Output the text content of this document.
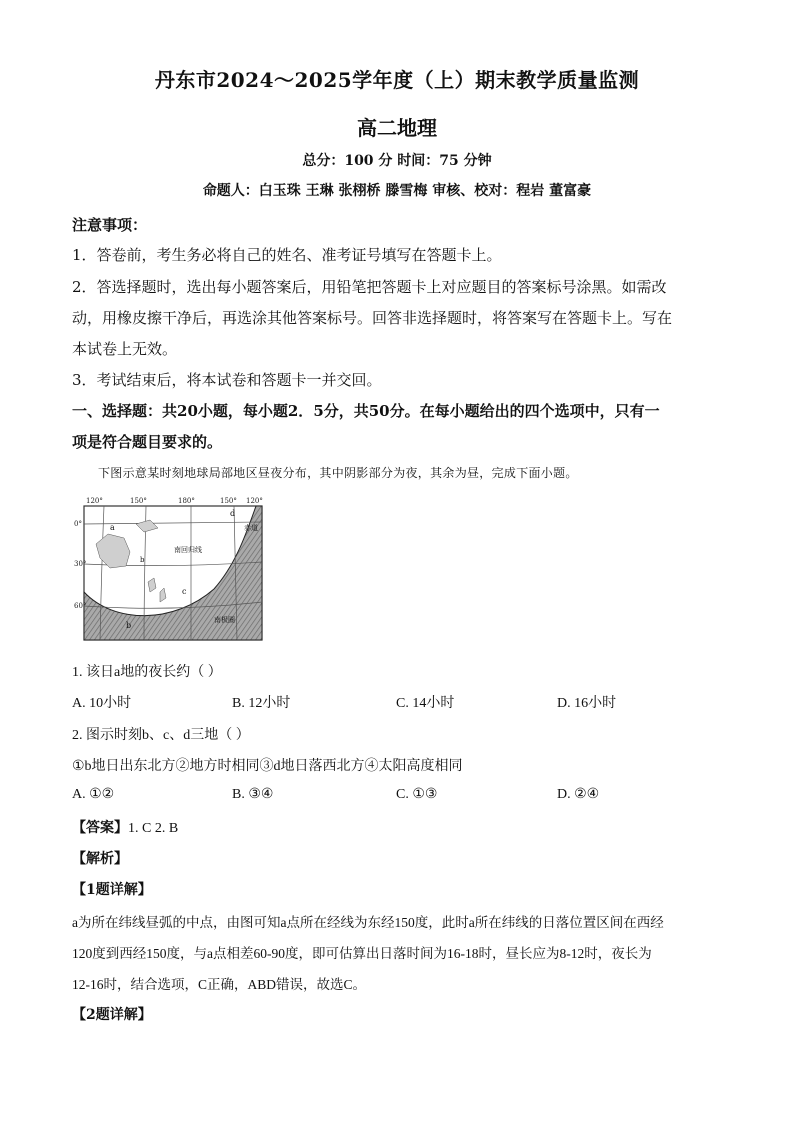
丹东市2024～2025学年度（上）期末教学质量监测
高二地理
总分：100 分 时间：75 分钟
命题人：白玉珠 王琳 张栩桥 滕雪梅 审核、校对：程岩 董富豪
注意事项：
1．答卷前，考生务必将自己的姓名、准考证号填写在答题卡上。
2．答选择题时，选出每小题答案后，用铅笔把答题卡上对应题目的答案标号涂黑。如需改
动，用橡皮擦干净后，再选涂其他答案标号。回答非选择题时，将答案写在答题卡上。写在
本试卷上无效。
3．考试结束后，将本试卷和答题卡一并交回。
一、选择题：共20小题，每小题2．5分，共50分。在每小题给出的四个选项中，只有一
项是符合题目要求的。
下图示意某时刻地球局部地区昼夜分布，其中阴影部分为夜，其余为昼，完成下面小题。
120°	150°	180°	150° 120°
0°
30°
60°
赤道
南回归线
南极圈
a
b
c
d
b
1. 该日a地的夜长约（ ）
A. 10小时	B. 12小时	C. 14小时	D. 16小时
2. 图示时刻b、c、d三地（ ）
①b地日出东北方②地方时相同③d地日落西北方④太阳高度相同
A. ①②	B. ③④	C. ①③	D. ②④
【答案】1. C 2. B
【解析】
【1题详解】
a为所在纬线昼弧的中点，由图可知a点所在经线为东经150度，此时a所在纬线的日落位置区间在西经
120度到西经150度，与a点相差60-90度，即可估算出日落时间为16-18时，昼长应为8-12时，夜长为
12-16时，结合选项，C正确，ABD错误，故选C。
【2题详解】
